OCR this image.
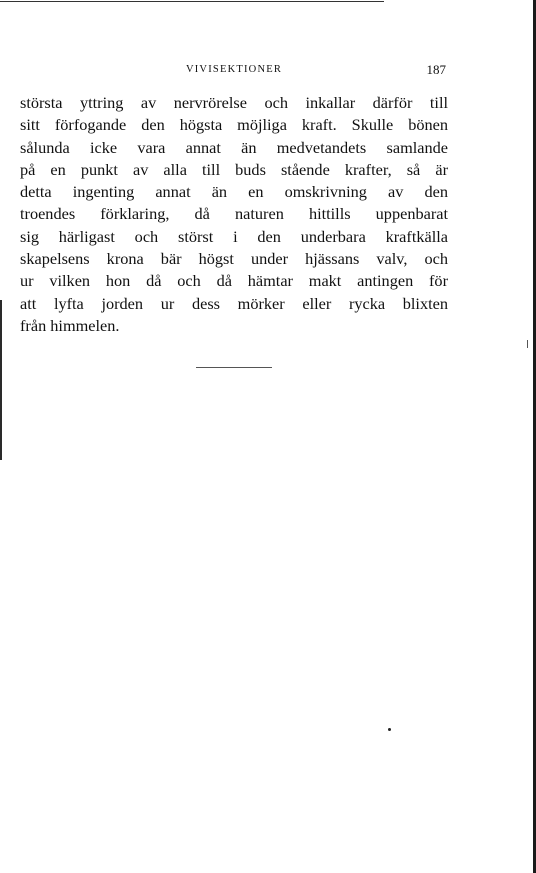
VIVISEKTIONER	187

största yttring av nervrörelse och inkallar därför till
sitt förfogande den högsta möjliga kraft. Skulle bönen
sålunda icke vara annat än medvetandets samlande
på en punkt av alla till buds stående krafter, så är
detta ingenting annat än en omskrivning av den
troendes förklaring, då naturen hittills uppenbarat
sig härligast och störst i den underbara kraftkälla
skapelsens krona bär högst under hjässans valv, och
ur vilken hon då och då hämtar makt antingen för
att lyfta jorden ur dess mörker eller rycka blixten
från himmelen.
